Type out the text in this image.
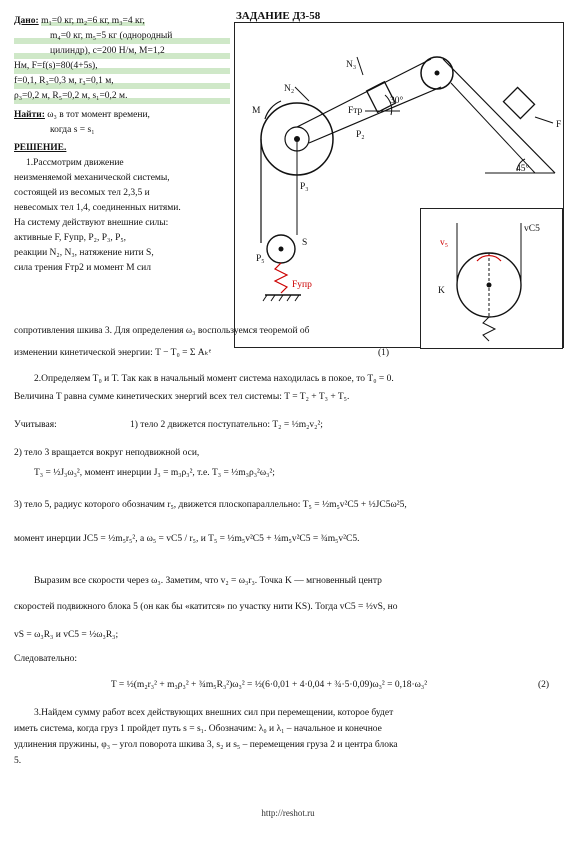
Дано: m₁=0 кг, m₂=6 кг, m₃=4 кг,
m₄=0 кг, m₅=5 кг (однородный
цилиндр), c=200 Н/м, M=1,2
Нм, F=f(s)=80(4+5s),
f=0,1, R₃=0,3 м, r₃=0,1 м,
ρ₃=0,2 м, R₅=0,2 м, s₁=0,2 м.
Найти: ω₃ в тот момент времени,
когда s = s₁
РЕШЕНИЕ.
1.Рассмотрим движение
неизменяемой механической системы,
состоящей из весомых тел 2,3,5 и
невесомых тел 1,4, соединенных нитями.
На систему действуют внешние силы:
активные F, Fупр, P₂, P₃, P₅,
реакции N₂, N₃, натяжение нити S,
сила трения Fтр2 и момент M сил
ЗАДАНИЕ Д3-58
N₂
N₃
M
P₃
P₂
Fтр
F
S
P₅
Fупр
30°
45°
v₅
K
vC5
сопротивления шкива 3. Для определения ω₃ воспользуемся теоремой об
изменении кинетической энергии: T − T₀ = Σ Aₖᵉ	(1)
2.Определяем T₀ и T. Так как в начальный момент система находилась в покое, то T₀ = 0.
Величина T равна сумме кинетических энергий всех тел системы: T = T₂ + T₃ + T₅.
Учитывая:	1) тело 2 движется поступательно: T₂ = ½m₂v₂²;
2) тело 3 вращается вокруг неподвижной оси,
T₃ = ½J₃ω₃², момент инерции J₃ = m₃ρ₃², т.е. T₃ = ½m₃ρ₃²ω₃²;
3) тело 5, радиус которого обозначим r₅, движется плоскопараллельно: T₅ = ½m₅v²C5 + ½JC5ω²5,
момент инерции JC5 = ½m₅r₅², а ω₅ = vC5 / r₅, и T₅ = ½m₅v²C5 + ¼m₅v²C5 = ¾m₅v²C5.
Выразим все скорости через ω₃. Заметим, что v₂ = ω₃r₃. Точка K — мгновенный центр
скоростей подвижного блока 5 (он как бы «катится» по участку нити KS). Тогда vC5 = ½vS, но
vS = ω₃R₃ и vC5 = ½ω₃R₃;
Следовательно:
T = ½(m₂r₃² + m₃ρ₃² + ¾m₅R₃²)ω₃² = ½(6·0,01 + 4·0,04 + ¾·5·0,09)ω₃² = 0,18·ω₃²	(2)
3.Найдем сумму работ всех действующих внешних сил при перемещении, которое будет
иметь система, когда груз 1 пройдет путь s = s₁. Обозначим: λ₀ и λ₁ – начальное и конечное
удлинения пружины, φ₃ – угол поворота шкива 3, s₂ и s₅ – перемещения груза 2 и центра блока
5.
http://reshot.ru
